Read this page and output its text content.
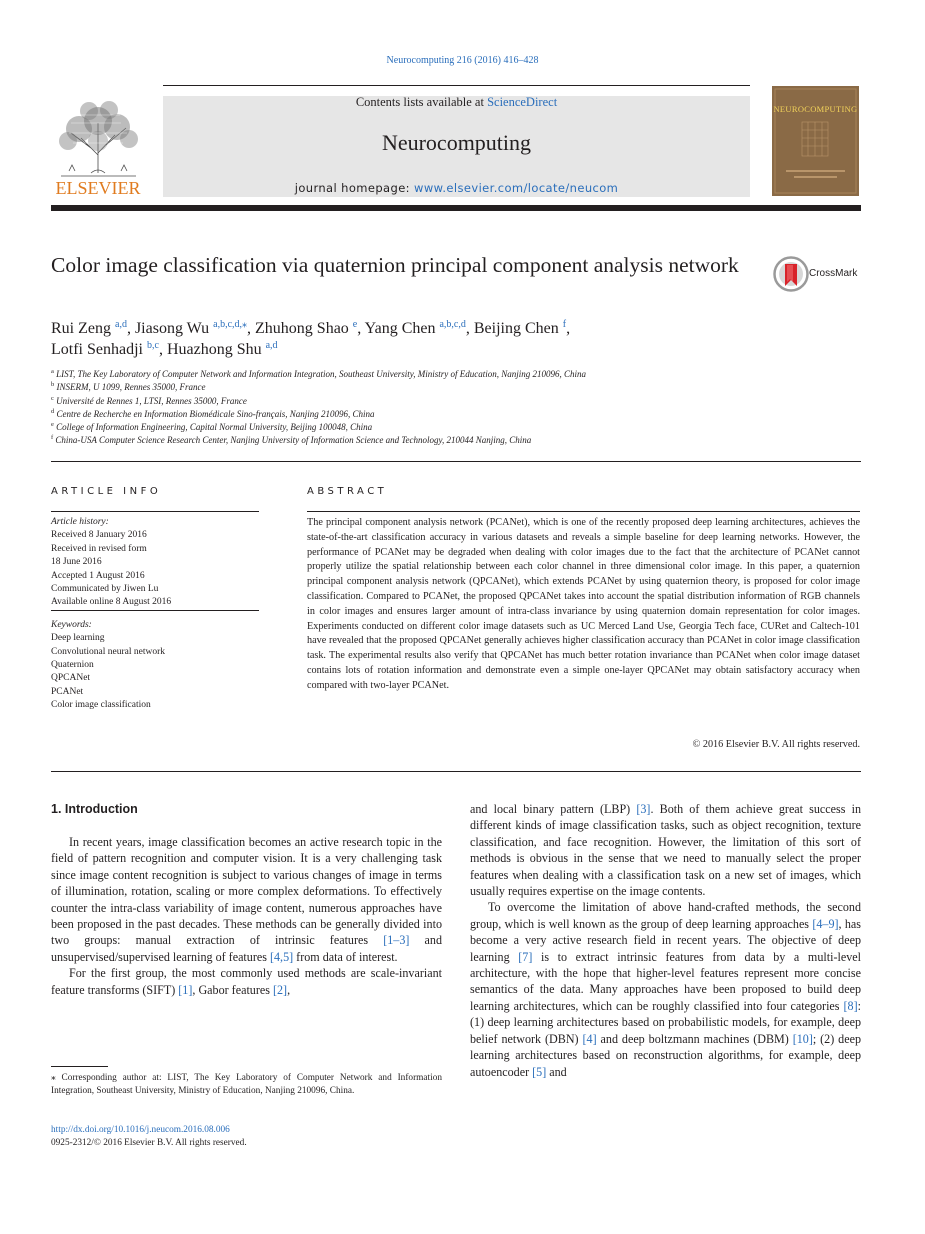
Neurocomputing 216 (2016) 416–428
Contents lists available at ScienceDirect
Neurocomputing
journal homepage: www.elsevier.com/locate/neucom
ELSEVIER
NEUROCOMPUTING
Color image classification via quaternion principal component analysis network	CrossMark
Rui Zeng $^{a,d}$, Jiasong Wu $^{a,b,c,d,⁎}$, Zhuhong Shao $^e$, Yang Chen $^{a,b,c,d}$, Beijing Chen $^f$,
Lotfi Senhadji $^{b,c}$, Huazhong Shu $^{a,d}$
$^a$ LIST, The Key Laboratory of Computer Network and Information Integration, Southeast University, Ministry of Education, Nanjing 210096, China
$^b$ INSERM, U 1099, Rennes 35000, France
$^c$ Université de Rennes 1, LTSI, Rennes 35000, France
$^d$ Centre de Recherche en Information Biomédicale Sino-français, Nanjing 210096, China
$^e$ College of Information Engineering, Capital Normal University, Beijing 100048, China
$^f$ China-USA Computer Science Research Center, Nanjing University of Information Science and Technology, 210044 Nanjing, China
ARTICLE INFO
Article history:
Received 8 January 2016
Received in revised form
18 June 2016
Accepted 1 August 2016
Communicated by Jiwen Lu
Available online 8 August 2016
Keywords:
Deep learning
Convolutional neural network
Quaternion
QPCANet
PCANet
Color image classification
ABSTRACT
The principal component analysis network (PCANet), which is one of the recently proposed deep learning architectures, achieves the state-of-the-art classification accuracy in various datasets and reveals a simple baseline for deep learning networks. However, the performance of PCANet may be degraded when dealing with color images due to the fact that the architecture of PCANet cannot properly utilize the spatial relationship between each color channel in three dimensional color image. In this paper, a quaternion principal component analysis network (QPCANet), which extends PCANet by using quaternion theory, is proposed for color image classification. Compared to PCANet, the proposed QPCANet takes into account the spatial distribution information of RGB channels in color images and ensures larger amount of intra-class invariance by using quaternion domain representation for color images. Experiments conducted on different color image datasets such as UC Merced Land Use, Georgia Tech face, CURet and Caltech-101 have revealed that the proposed QPCANet generally achieves higher classification accuracy than PCANet in color image classification task. The experimental results also verify that QPCANet has much better rotation invariance than PCANet when color image dataset contains lots of rotation information and demonstrate even a simple one-layer QPCANet may obtain satisfactory accuracy when compared with two-layer PCANet.
© 2016 Elsevier B.V. All rights reserved.
1. Introduction

In recent years, image classification becomes an active research topic in the field of pattern recognition and computer vision. It is a very challenging task since image content recognition is subject to various changes of image in terms of illumination, rotation, scaling or more complex deformations. To effectively counter the intra-class variability of image content, numerous approaches have been proposed in the past decades. These methods can be generally divided into two groups: manual extraction of intrinsic features [1–3] and unsupervised/supervised learning of features [4,5] from data of interest.

For the first group, the most commonly used methods are scale-invariant feature transforms (SIFT) [1], Gabor features [2],

and local binary pattern (LBP) [3]. Both of them achieve great success in different kinds of image classification tasks, such as object recognition, texture classification, and face recognition. However, the limitation of this sort of methods is obvious in the sense that we need to manually select the proper features when dealing with a classification task on a new set of images, which usually requires expertise on the image contents.

To overcome the limitation of above hand-crafted methods, the second group, which is well known as the group of deep learning approaches [4–9], has become a very active research field in recent years. The objective of deep learning [7] is to extract intrinsic features from data by a multi-level architecture, with the hope that higher-level features represent more concise semantics of the data. Many approaches have been proposed to build deep learning architectures, which can be roughly classified into four categories [8]: (1) deep learning architectures based on probabilistic models, for example, deep belief network (DBN) [4] and deep boltzmann machines (DBM) [10]; (2) deep learning architectures based on reconstruction algorithms, for example, deep autoencoder [5] and

⁎ Corresponding author at: LIST, The Key Laboratory of Computer Network and Information Integration, Southeast University, Ministry of Education, Nanjing 210096, China.
http://dx.doi.org/10.1016/j.neucom.2016.08.006
0925-2312/© 2016 Elsevier B.V. All rights reserved.
